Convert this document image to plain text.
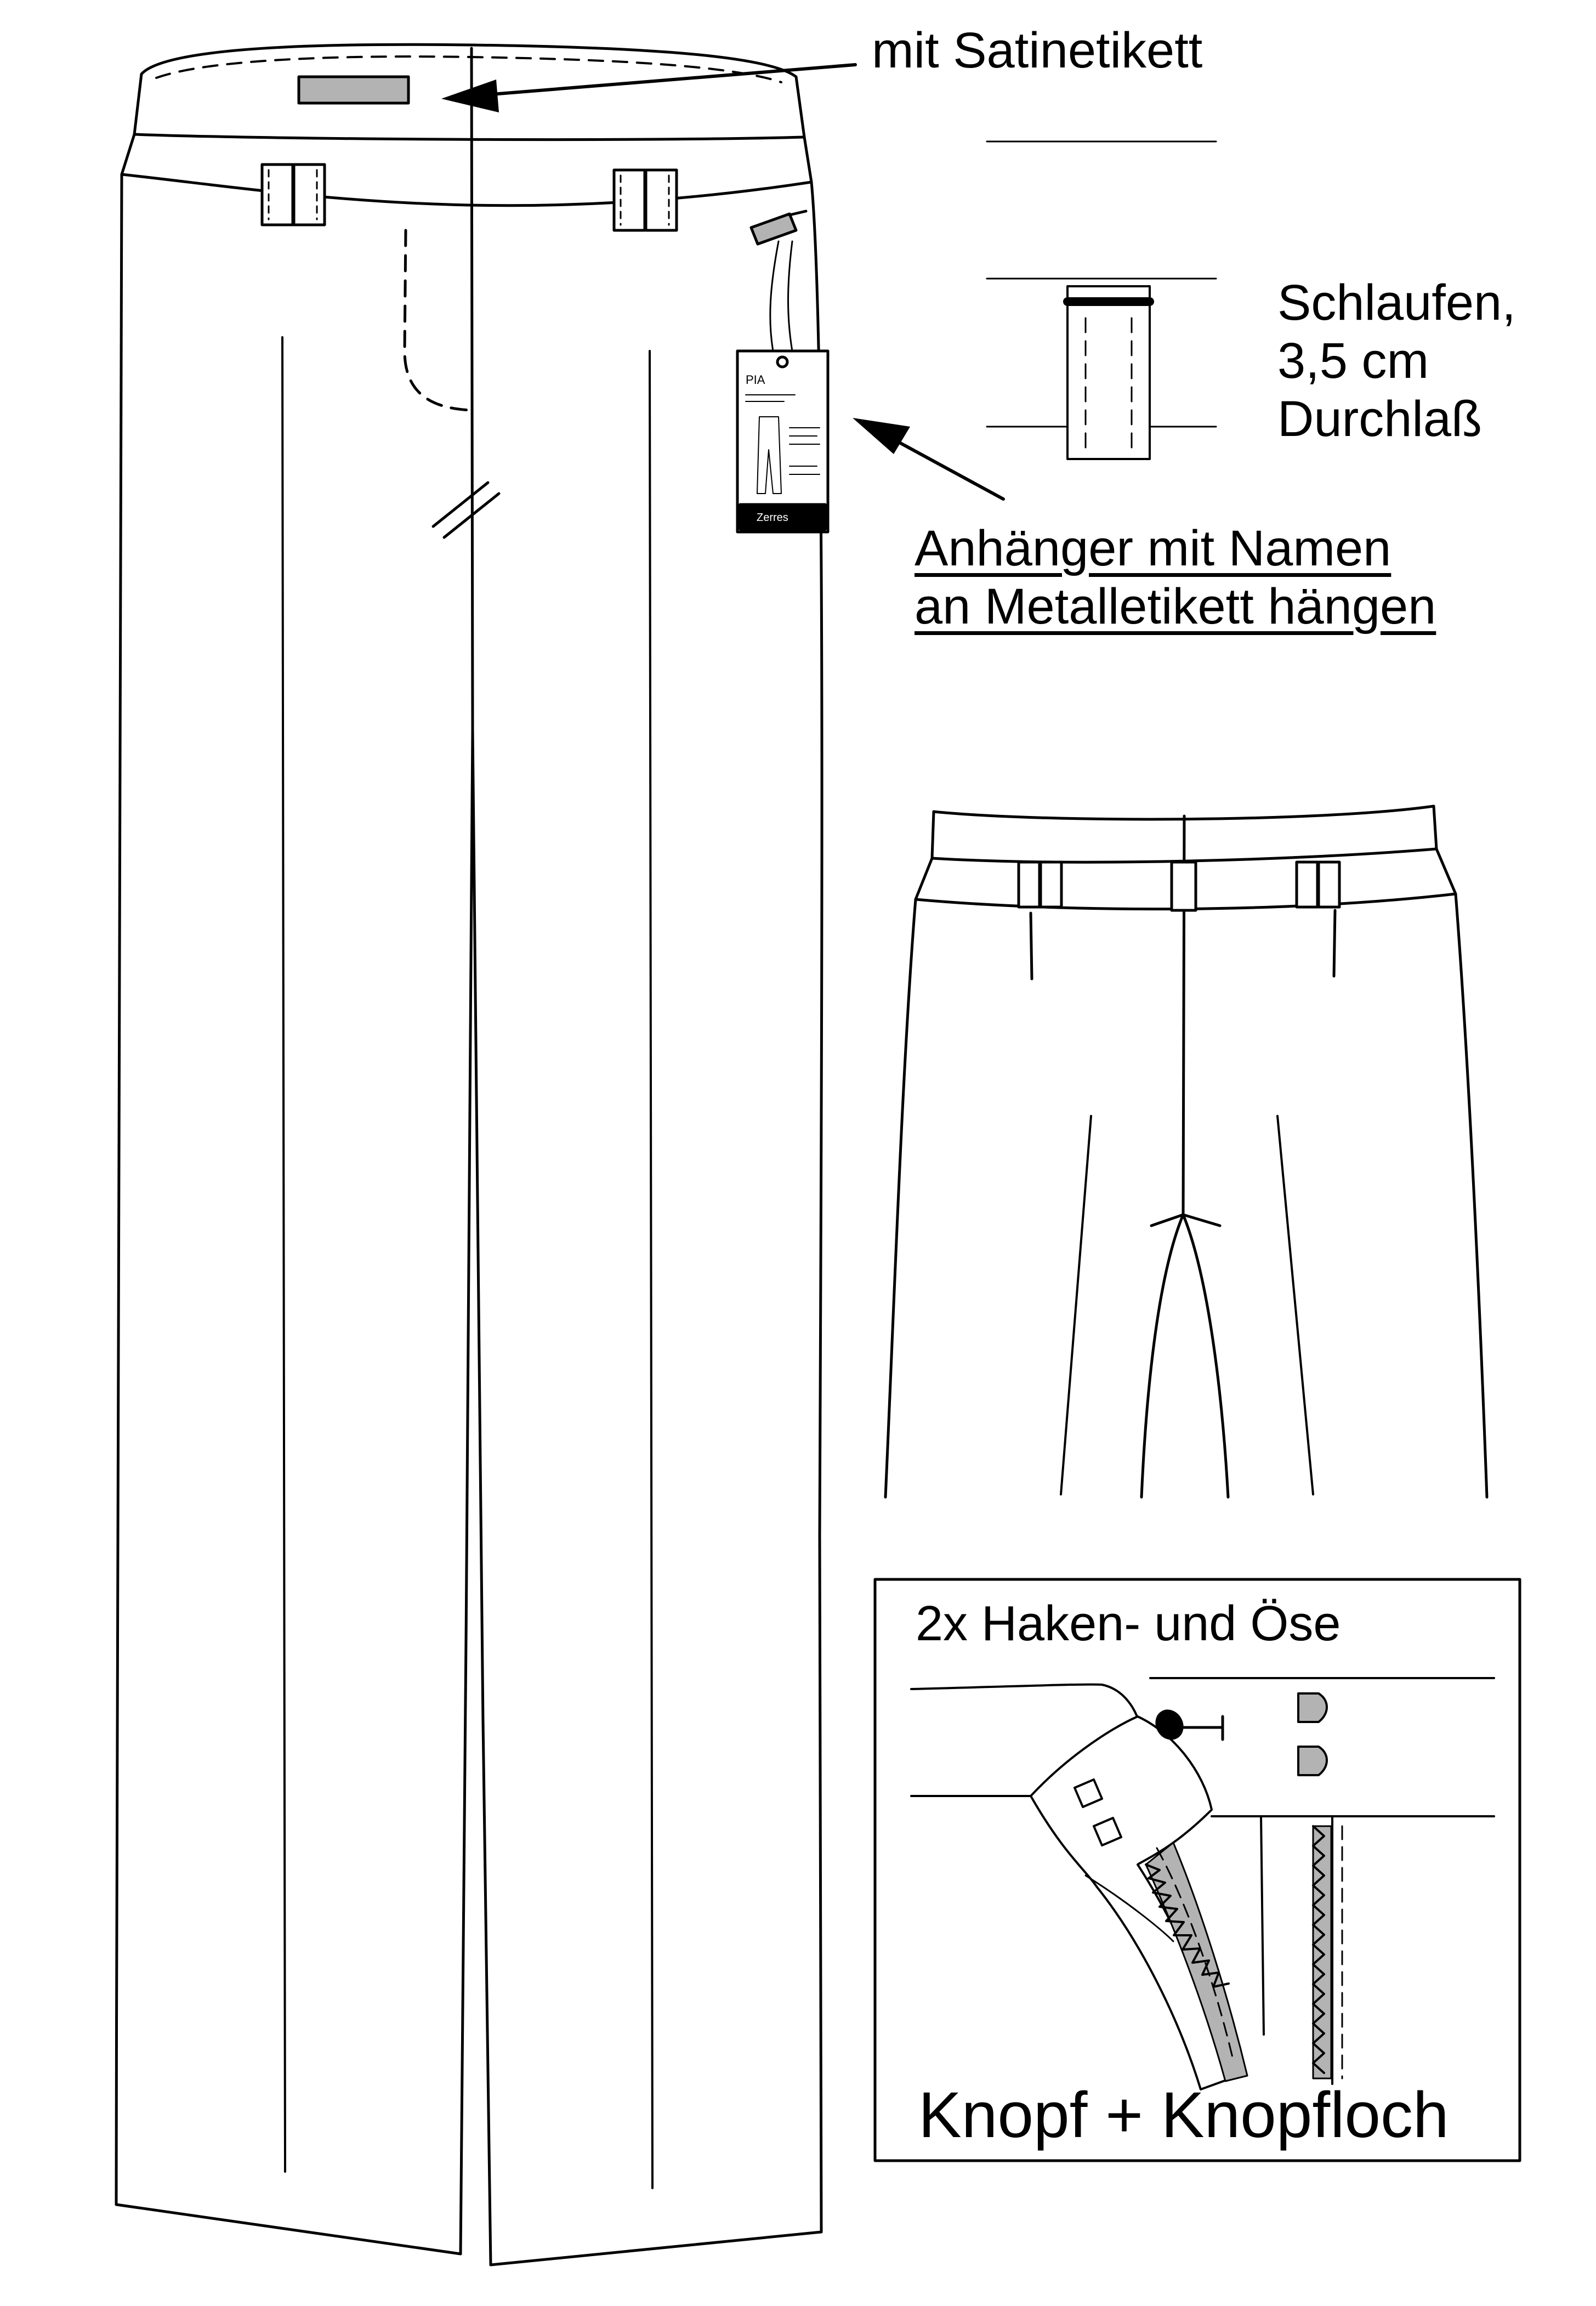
PIA
Zerres
mit Satinetikett
Schlaufen,
3,5 cm
Durchlaß
Anhänger mit Namen
an Metalletikett hängen
2x Haken- und Öse
Knopf + Knopfloch
